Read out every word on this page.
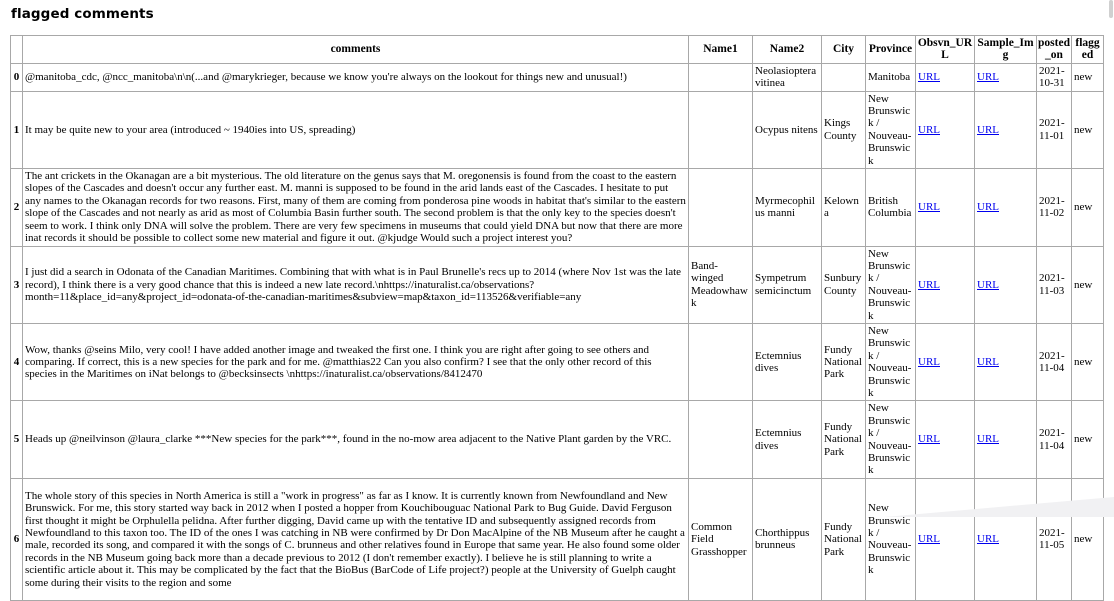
flagged comments
	comments	Name1	Name2	City	Province	Obsvn_URL	Sample_Img	posted_on	flagged
0	@manitoba_cdc, @ncc_manitoba\n\n(...and @marykrieger, because we know you're always on the lookout for things new and unusual!)		Neolasioptera vitinea		Manitoba	URL	URL	2021-10-31	new
1	It may be quite new to your area (introduced ~ 1940ies into US, spreading)		Ocypus nitens	Kings County	New Brunswick / Nouveau-Brunswick	URL	URL	2021-11-01	new
2	The ant crickets in the Okanagan are a bit mysterious. The old literature on the genus says that M. oregonensis is found from the coast to the eastern slopes of the Cascades and doesn't occur any further east. M. manni is supposed to be found in the arid lands east of the Cascades. I hesitate to put any names to the Okanagan records for two reasons. First, many of them are coming from ponderosa pine woods in habitat that's similar to the eastern slope of the Cascades and not nearly as arid as most of Columbia Basin further south. The second problem is that the only key to the species doesn't seem to work. I think only DNA will solve the problem. There are very few specimens in museums that could yield DNA but now that there are more inat records it should be possible to collect some new material and figure it out. @kjudge Would such a project interest you?		Myrmecophilus manni	Kelowna	British Columbia	URL	URL	2021-11-02	new
3	I just did a search in Odonata of the Canadian Maritimes. Combining that with what is in Paul Brunelle's recs up to 2014 (where Nov 1st was the late record), I think there is a very good chance that this is indeed a new late record.\nhttps://inaturalist.ca/observations?month=11&place_id=any&project_id=odonata-of-the-canadian-maritimes&subview=map&taxon_id=113526&verifiable=any	Band-winged Meadowhawk	Sympetrum semicinctum	Sunbury County	New Brunswick / Nouveau-Brunswick	URL	URL	2021-11-03	new
4	Wow, thanks @seins Milo, very cool! I have added another image and tweaked the first one. I think you are right after going to see others and comparing. If correct, this is a new species for the park and for me. @matthias22 Can you also confirm? I see that the only other record of this species in the Maritimes on iNat belongs to @becksinsects \nhttps://inaturalist.ca/observations/8412470		Ectemnius dives	Fundy National Park	New Brunswick / Nouveau-Brunswick	URL	URL	2021-11-04	new
5	Heads up @neilvinson @laura_clarke ***New species for the park***, found in the no-mow area adjacent to the Native Plant garden by the VRC.		Ectemnius dives	Fundy National Park	New Brunswick / Nouveau-Brunswick	URL	URL	2021-11-04	new
6	The whole story of this species in North America is still a "work in progress" as far as I know. It is currently known from Newfoundland and New Brunswick. For me, this story started way back in 2012 when I posted a hopper from Kouchibouguac National Park to Bug Guide. David Ferguson first thought it might be Orphulella pelidna. After further digging, David came up with the tentative ID and subsequently assigned records from Newfoundland to this taxon too. The ID of the ones I was catching in NB were confirmed by Dr Don MacAlpine of the NB Museum after he caught a male, recorded its song, and compared it with the songs of C. brunneus and other relatives found in Europe that same year. He also found some older records in the NB Museum going back more than a decade previous to 2012 (I don't remember exactly). I believe he is still planning to write a scientific article about it. This may be complicated by the fact that the BioBus (BarCode of Life project?) people at the University of Guelph caught some during their visits to the region and some	Common Field Grasshopper	Chorthippus brunneus	Fundy National Park	New Brunswick / Nouveau-Brunswick	URL	URL	2021-11-05	new
